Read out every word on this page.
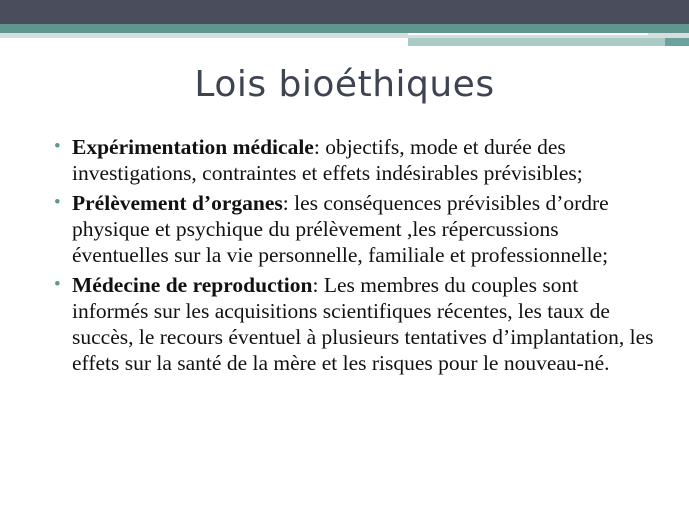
Lois bioéthiques
• Expérimentation médicale: objectifs, mode et durée des investigations, contraintes et effets indésirables prévisibles;
• Prélèvement d’organes: les conséquences prévisibles d’ordre physique et psychique du prélèvement ,les répercussions éventuelles sur la vie personnelle, familiale et professionnelle;
• Médecine de reproduction: Les membres du couples sont informés sur les acquisitions scientifiques récentes, les taux de succès, le recours éventuel à plusieurs tentatives d’implantation, les effets sur la santé de la mère et les risques pour le nouveau-né.
